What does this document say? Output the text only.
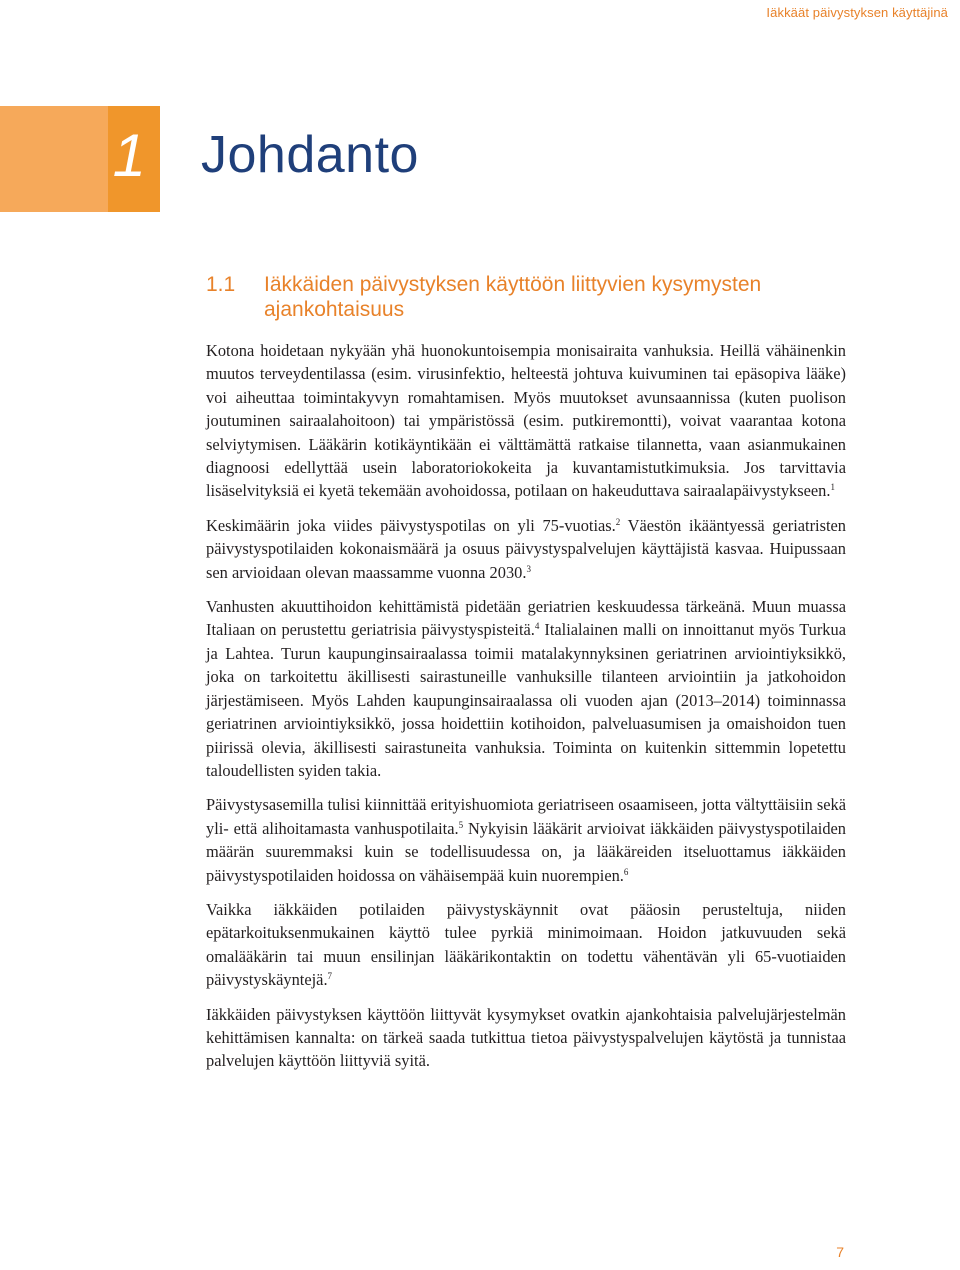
Iäkkäät päivystyksen käyttäjinä
1 Johdanto
1.1 Iäkkäiden päivystyksen käyttöön liittyvien kysymysten ajankohtaisuus

Kotona hoidetaan nykyään yhä huonokuntoisempia monisairaita vanhuksia. Heillä vähäinenkin muutos terveydentilassa (esim. virusinfektio, helteestä johtuva kuivuminen tai epäsopiva lääke) voi aiheuttaa toimintakyvyn romahtamisen. Myös muutokset avunsaannissa (kuten puolison joutuminen sairaalahoitoon) tai ympäristössä (esim. putkiremontti), voivat vaarantaa kotona selviytymisen. Lääkärin kotikäyntikään ei välttämättä ratkaise tilannetta, vaan asianmukainen diagnoosi edellyttää usein laboratoriokokeita ja kuvantamistutkimuksia. Jos tarvittavia lisäselvityksiä ei kyetä tekemään avohoidossa, potilaan on hakeuduttava sairaalapäivystykseen.$^1$

Keskimäärin joka viides päivystyspotilas on yli 75-vuotias.$^2$ Väestön ikääntyessä geriatristen päivystyspotilaiden kokonaismäärä ja osuus päivystyspalvelujen käyttäjistä kasvaa. Huipussaan sen arvioidaan olevan maassamme vuonna 2030.$^3$

Vanhusten akuuttihoidon kehittämistä pidetään geriatrien keskuudessa tärkeänä. Muun muassa Italiaan on perustettu geriatrisia päivystyspisteitä.$^4$ Italialainen malli on innoittanut myös Turkua ja Lahtea. Turun kaupunginsairaalassa toimii matalakynnyksinen geriatrinen arviointiyksikkö, joka on tarkoitettu äkillisesti sairastuneille vanhuksille tilanteen arviointiin ja jatkohoidon järjestämiseen. Myös Lahden kaupunginsairaalassa oli vuoden ajan (2013–2014) toiminnassa geriatrinen arviointiyksikkö, jossa hoidettiin kotihoidon, palveluasumisen ja omaishoidon tuen piirissä olevia, äkillisesti sairastuneita vanhuksia. Toiminta on kuitenkin sittemmin lopetettu taloudellisten syiden takia.

Päivystysasemilla tulisi kiinnittää erityishuomiota geriatriseen osaamiseen, jotta vältyttäisiin sekä yli- että alihoitamasta vanhuspotilaita.$^5$ Nykyisin lääkärit arvioivat iäkkäiden päivystyspotilaiden määrän suuremmaksi kuin se todellisuudessa on, ja lääkäreiden itseluottamus iäkkäiden päivystyspotilaiden hoidossa on vähäisempää kuin nuorempien.$^6$

Vaikka iäkkäiden potilaiden päivystyskäynnit ovat pääosin perusteltuja, niiden epätarkoituksenmukainen käyttö tulee pyrkiä minimoimaan. Hoidon jatkuvuuden sekä omalääkärin tai muun ensilinjan lääkärikontaktin on todettu vähentävän yli 65-vuotiaiden päivystyskäyntejä.$^7$

Iäkkäiden päivystyksen käyttöön liittyvät kysymykset ovatkin ajankohtaisia palvelujärjestelmän kehittämisen kannalta: on tärkeä saada tutkittua tietoa päivystyspalvelujen käytöstä ja tunnistaa palvelujen käyttöön liittyviä syitä.

7
